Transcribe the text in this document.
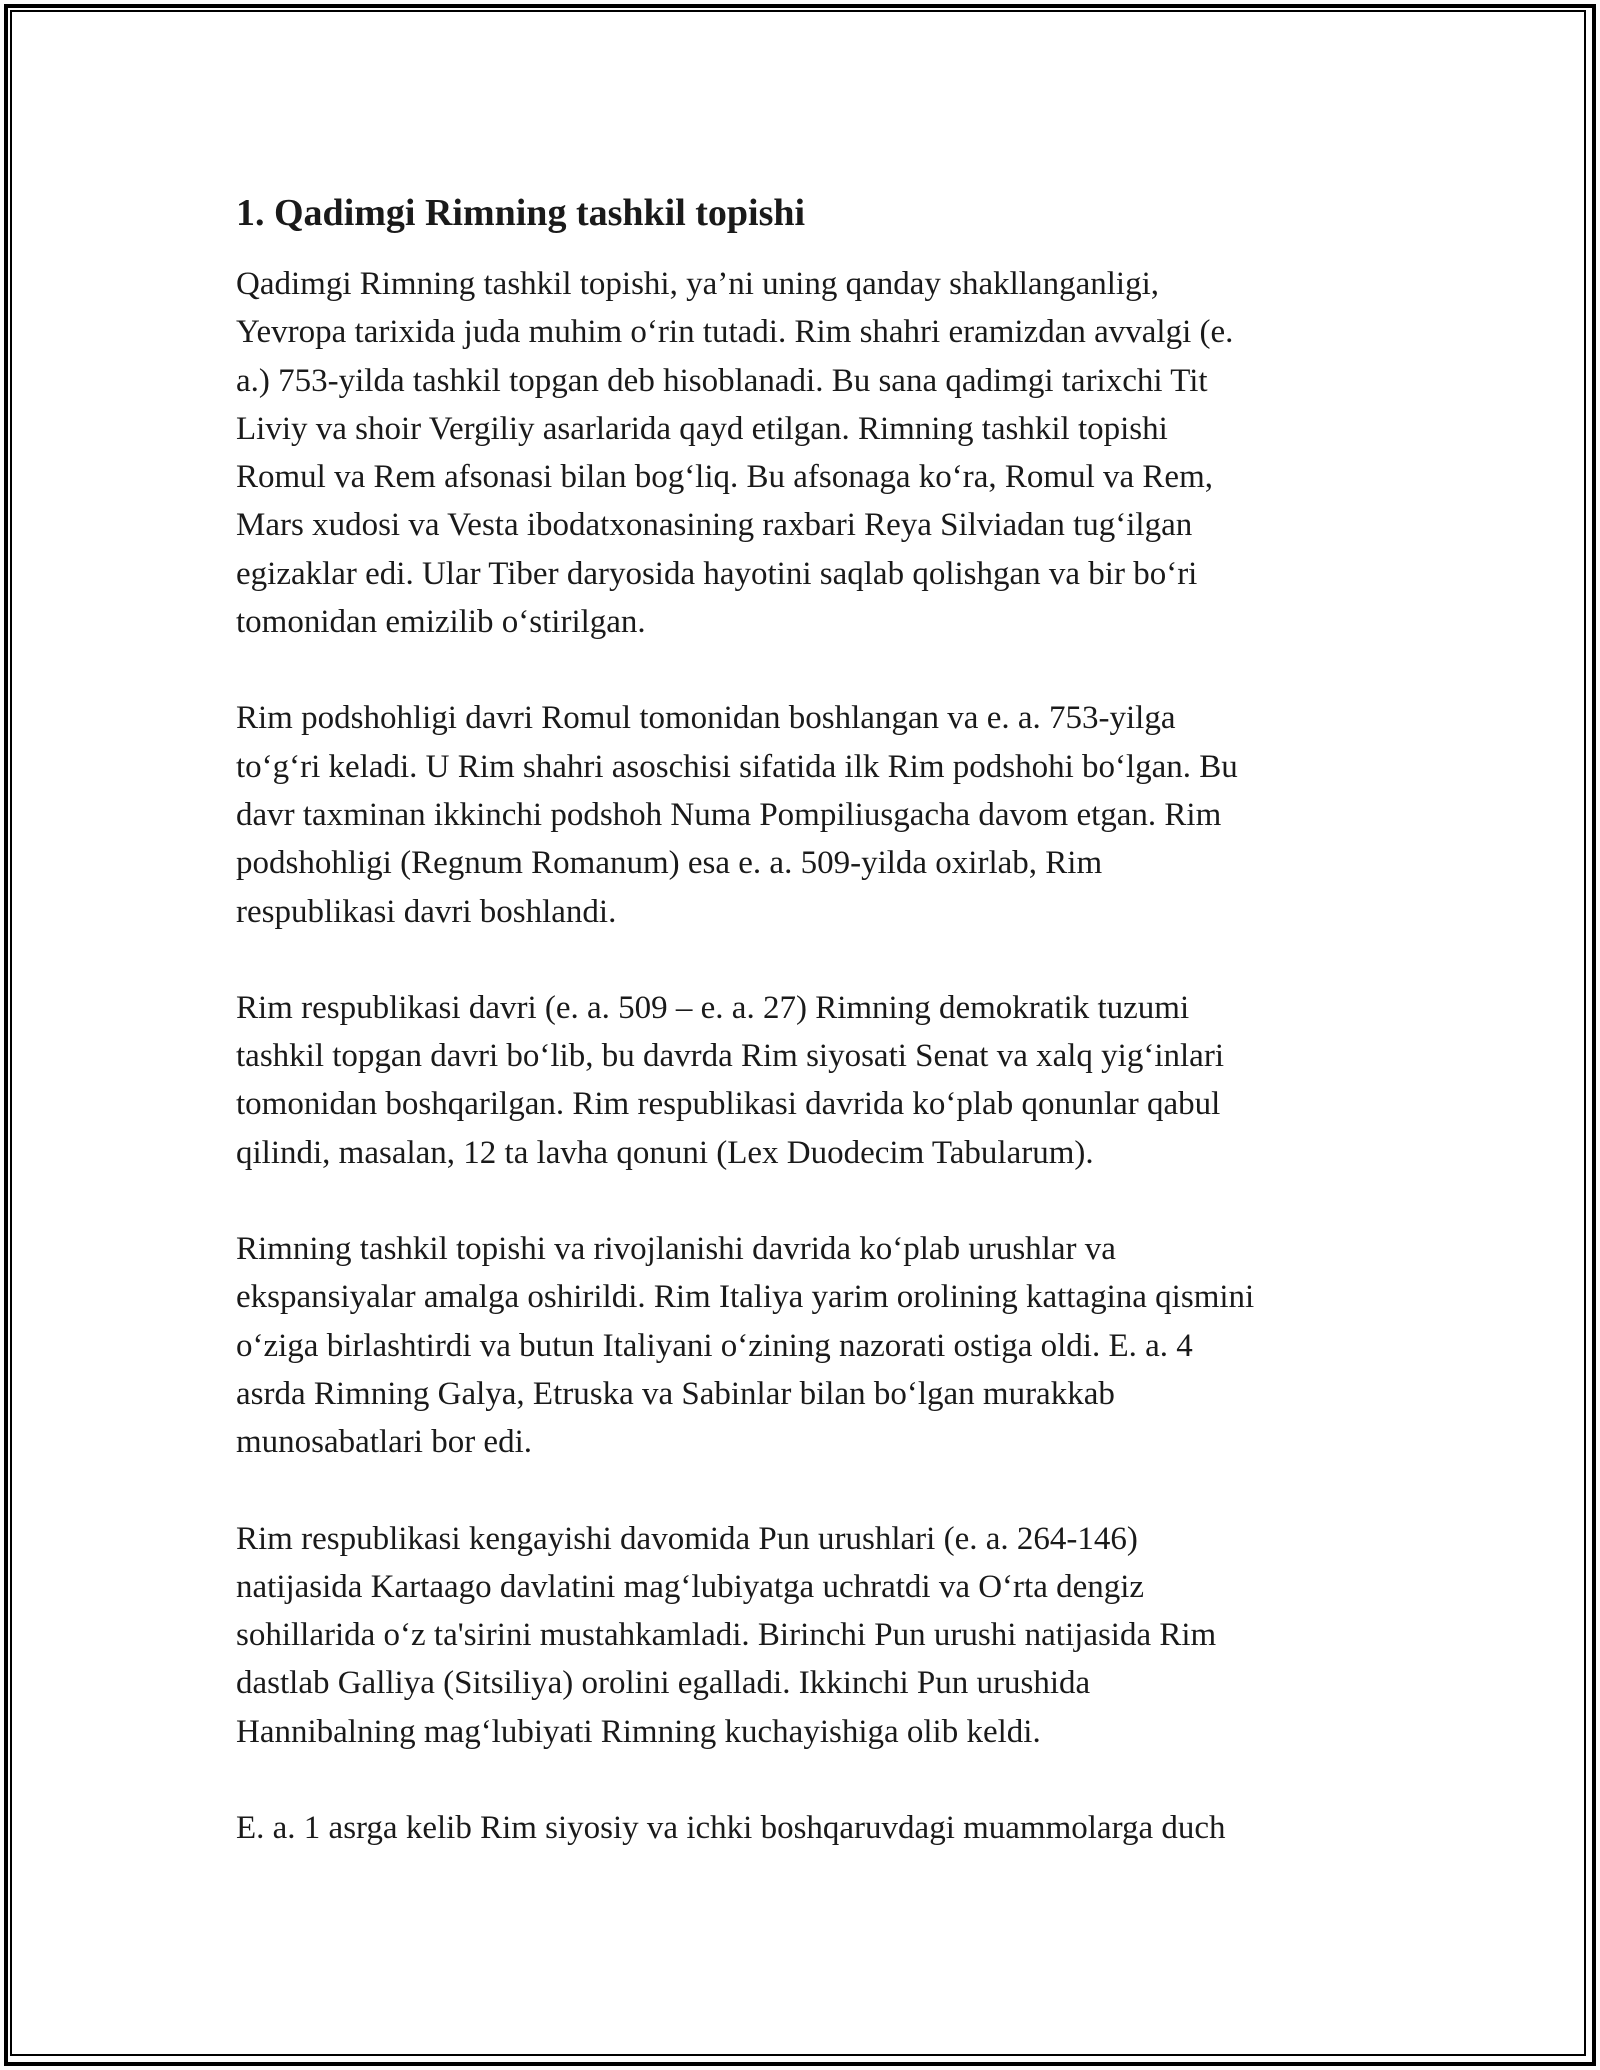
1. Qadimgi Rimning tashkil topishi

Qadimgi Rimning tashkil topishi, ya’ni uning qanday shakllanganligi,
Yevropa tarixida juda muhim oʻrin tutadi. Rim shahri eramizdan avvalgi (e.
a.) 753-yilda tashkil topgan deb hisoblanadi. Bu sana qadimgi tarixchi Tit
Liviy va shoir Vergiliy asarlarida qayd etilgan. Rimning tashkil topishi
Romul va Rem afsonasi bilan bogʻliq. Bu afsonaga koʻra, Romul va Rem,
Mars xudosi va Vesta ibodatxonasining raxbari Reya Silviadan tugʻilgan
egizaklar edi. Ular Tiber daryosida hayotini saqlab qolishgan va bir boʻri
tomonidan emizilib oʻstirilgan.

Rim podshohligi davri Romul tomonidan boshlangan va e. a. 753-yilga
toʻgʻri keladi. U Rim shahri asoschisi sifatida ilk Rim podshohi boʻlgan. Bu
davr taxminan ikkinchi podshoh Numa Pompiliusgacha davom etgan. Rim
podshohligi (Regnum Romanum) esa e. a. 509-yilda oxirlab, Rim
respublikasi davri boshlandi.

Rim respublikasi davri (e. a. 509 – e. a. 27) Rimning demokratik tuzumi
tashkil topgan davri boʻlib, bu davrda Rim siyosati Senat va xalq yigʻinlari
tomonidan boshqarilgan. Rim respublikasi davrida koʻplab qonunlar qabul
qilindi, masalan, 12 ta lavha qonuni (Lex Duodecim Tabularum).

Rimning tashkil topishi va rivojlanishi davrida koʻplab urushlar va
ekspansiyalar amalga oshirildi. Rim Italiya yarim orolining kattagina qismini
oʻziga birlashtirdi va butun Italiyani oʻzining nazorati ostiga oldi. E. a. 4
asrda Rimning Galya, Etruska va Sabinlar bilan boʻlgan murakkab
munosabatlari bor edi.

Rim respublikasi kengayishi davomida Pun urushlari (e. a. 264-146)
natijasida Kartaago davlatini magʻlubiyatga uchratdi va Oʻrta dengiz
sohillarida oʻz ta'sirini mustahkamladi. Birinchi Pun urushi natijasida Rim
dastlab Galliya (Sitsiliya) orolini egalladi. Ikkinchi Pun urushida
Hannibalning magʻlubiyati Rimning kuchayishiga olib keldi.

E. a. 1 asrga kelib Rim siyosiy va ichki boshqaruvdagi muammolarga duch
